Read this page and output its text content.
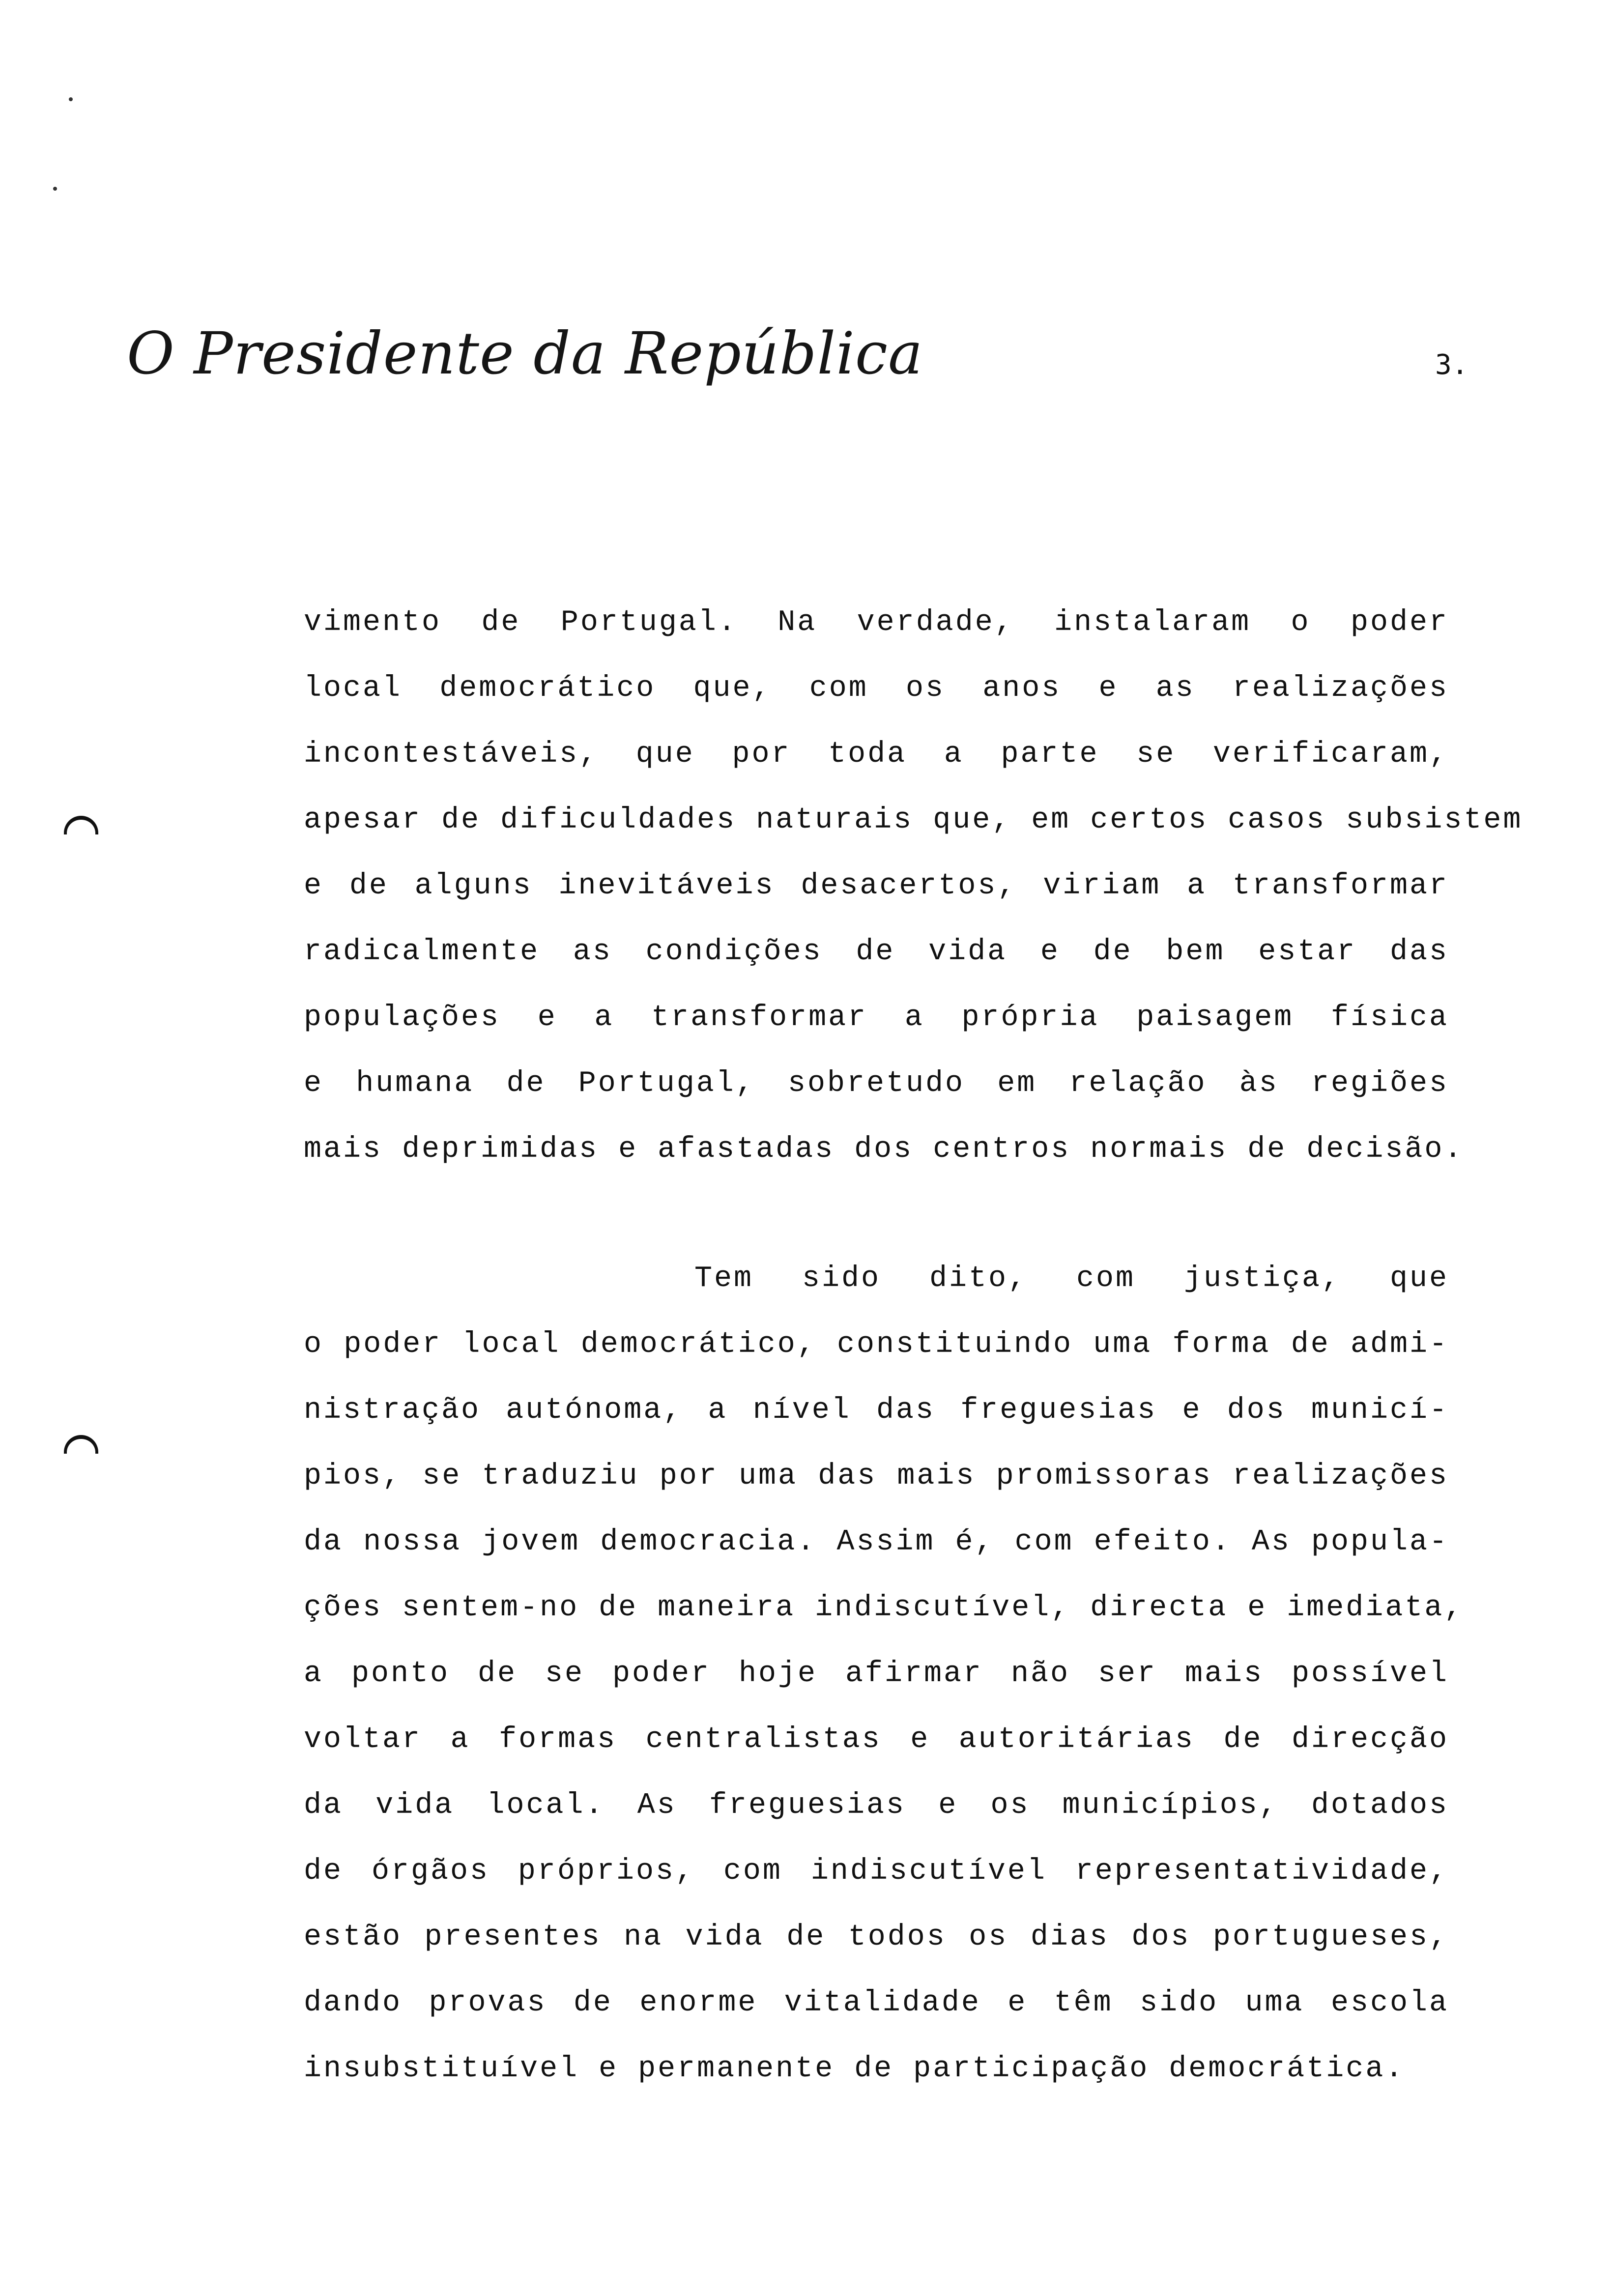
O Presidente da República	3.
vimento de Portugal. Na verdade, instalaram o poder
local democrático que, com os anos e as realizações
incontestáveis, que por toda a parte se verificaram,
apesar de dificuldades naturais que, em certos casos subsistem
e de alguns inevitáveis desacertos, viriam a transformar
radicalmente as condições de vida e de bem estar das
populações e a transformar a própria paisagem física
e humana de Portugal, sobretudo em relação às regiões
mais deprimidas e afastadas dos centros normais de decisão.
Tem sido dito, com justiça, que
o poder local democrático, constituindo uma forma de admi-
nistração autónoma, a nível das freguesias e dos municí-
pios, se traduziu por uma das mais promissoras realizações
da nossa jovem democracia. Assim é, com efeito. As popula-
ções sentem-no de maneira indiscutível, directa e imediata,
a ponto de se poder hoje afirmar não ser mais possível
voltar a formas centralistas e autoritárias de direcção
da vida local. As freguesias e os municípios, dotados
de órgãos próprios, com indiscutível representatividade,
estão presentes na vida de todos os dias dos portugueses,
dando provas de enorme vitalidade e têm sido uma escola
insubstituível e permanente de participação democrática.
